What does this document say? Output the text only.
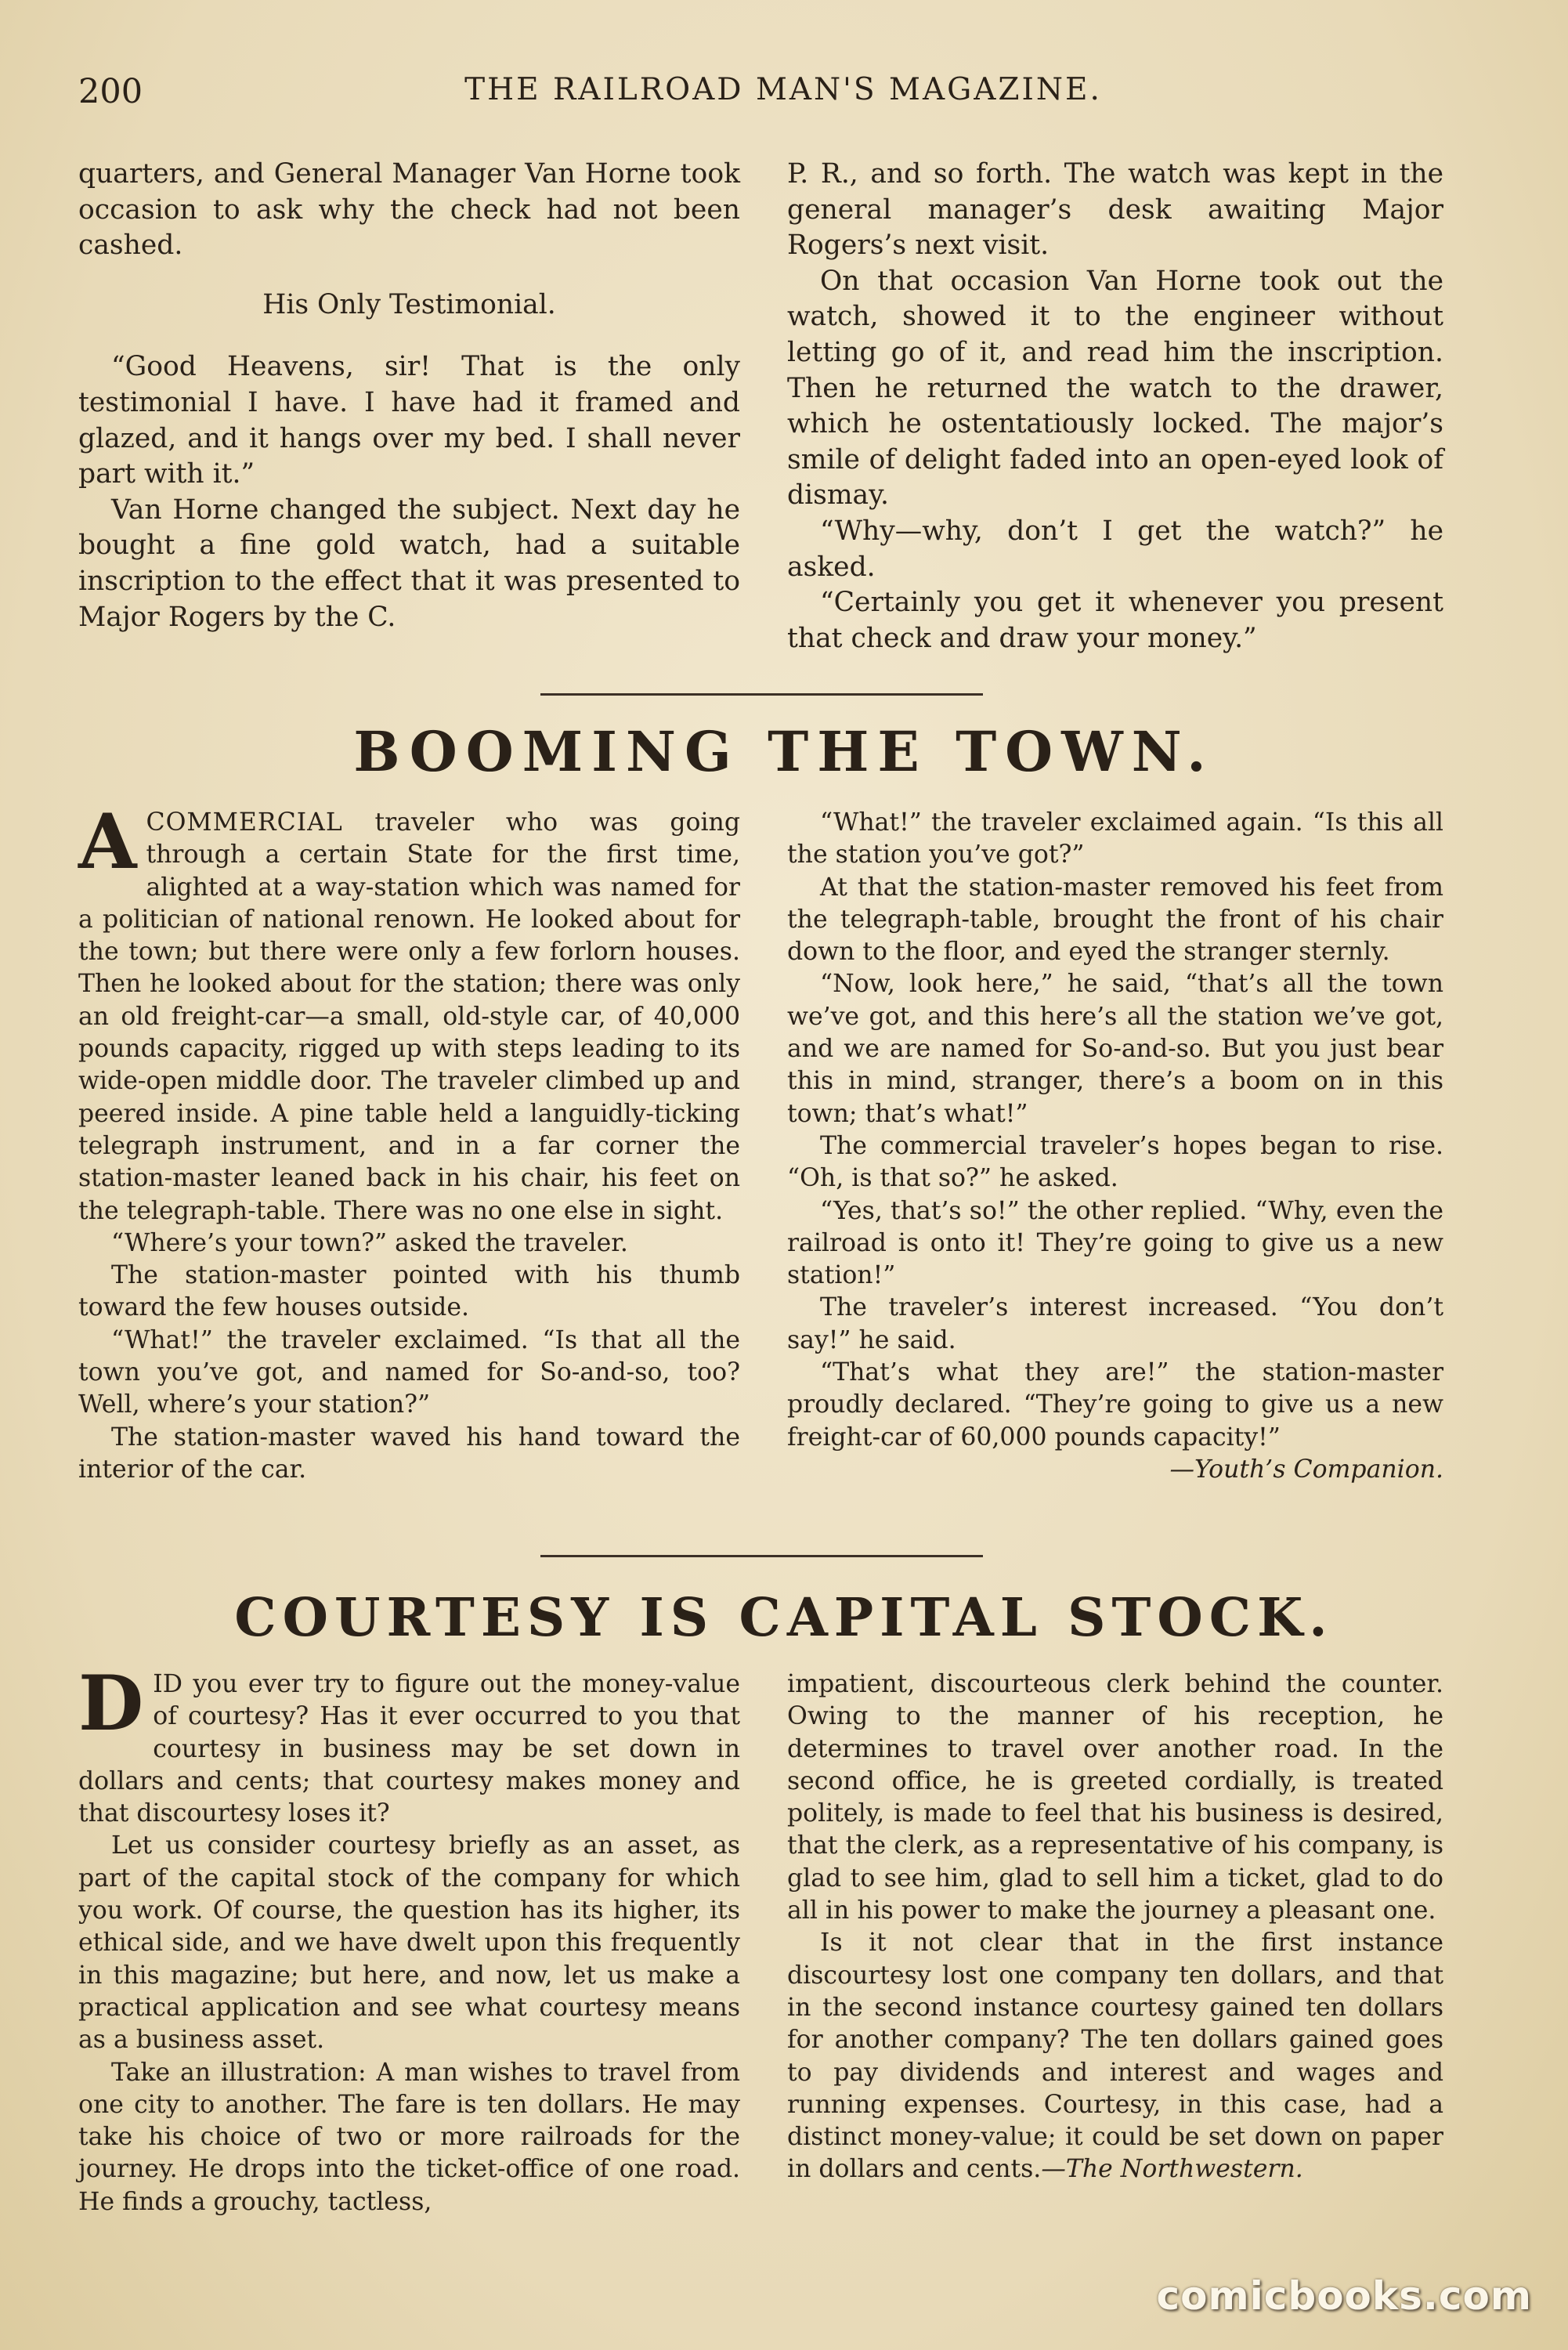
200	THE RAILROAD MAN'S MAGAZINE.

quarters, and General Manager Van Horne took occasion to ask why the check had not been cashed.

His Only Testimonial.

“Good Heavens, sir! That is the only testimonial I have. I have had it framed and glazed, and it hangs over my bed. I shall never part with it.”

Van Horne changed the subject. Next day he bought a fine gold watch, had a suitable inscription to the effect that it was presented to Major Rogers by the C.

P. R., and so forth. The watch was kept in the general manager’s desk awaiting Major Rogers’s next visit.

On that occasion Van Horne took out the watch, showed it to the engineer without letting go of it, and read him the inscription. Then he returned the watch to the drawer, which he ostentatiously locked. The major’s smile of delight faded into an open-eyed look of dismay.

“Why—why, don’t I get the watch?” he asked.

“Certainly you get it whenever you present that check and draw your money.”

BOOMING THE TOWN.

ACOMMERCIAL traveler who was going through a certain State for the first time, alighted at a way-station which was named for a politician of national renown. He looked about for the town; but there were only a few forlorn houses. Then he looked about for the station; there was only an old freight-car—a small, old-style car, of 40,000 pounds capacity, rigged up with steps leading to its wide-open middle door. The traveler climbed up and peered inside. A pine table held a languidly-ticking telegraph instrument, and in a far corner the station-master leaned back in his chair, his feet on the telegraph-table. There was no one else in sight.

“Where’s your town?” asked the traveler.

The station-master pointed with his thumb toward the few houses outside.

“What!” the traveler exclaimed. “Is that all the town you’ve got, and named for So-and-so, too? Well, where’s your station?”

The station-master waved his hand toward the interior of the car.

“What!” the traveler exclaimed again. “Is this all the station you’ve got?”

At that the station-master removed his feet from the telegraph-table, brought the front of his chair down to the floor, and eyed the stranger sternly.

“Now, look here,” he said, “that’s all the town we’ve got, and this here’s all the station we’ve got, and we are named for So-and-so. But you just bear this in mind, stranger, there’s a boom on in this town; that’s what!”

The commercial traveler’s hopes began to rise. “Oh, is that so?” he asked.

“Yes, that’s so!” the other replied. “Why, even the railroad is onto it! They’re going to give us a new station!”

The traveler’s interest increased. “You don’t say!” he said.

“That’s what they are!” the station-master proudly declared. “They’re going to give us a new freight-car of 60,000 pounds capacity!”

—Youth’s Companion.

COURTESY IS CAPITAL STOCK.

DID you ever try to figure out the money-value of courtesy? Has it ever occurred to you that courtesy in business may be set down in dollars and cents; that courtesy makes money and that discourtesy loses it?

Let us consider courtesy briefly as an asset, as part of the capital stock of the company for which you work. Of course, the question has its higher, its ethical side, and we have dwelt upon this frequently in this magazine; but here, and now, let us make a practical application and see what courtesy means as a business asset.

Take an illustration: A man wishes to travel from one city to another. The fare is ten dollars. He may take his choice of two or more railroads for the journey. He drops into the ticket-office of one road. He finds a grouchy, tactless,

impatient, discourteous clerk behind the counter. Owing to the manner of his reception, he determines to travel over another road. In the second office, he is greeted cordially, is treated politely, is made to feel that his business is desired, that the clerk, as a representative of his company, is glad to see him, glad to sell him a ticket, glad to do all in his power to make the journey a pleasant one.

Is it not clear that in the first instance discourtesy lost one company ten dollars, and that in the second instance courtesy gained ten dollars for another company? The ten dollars gained goes to pay dividends and interest and wages and running expenses. Courtesy, in this case, had a distinct money-value; it could be set down on paper in dollars and cents.—The Northwestern.

comicbooks.com
